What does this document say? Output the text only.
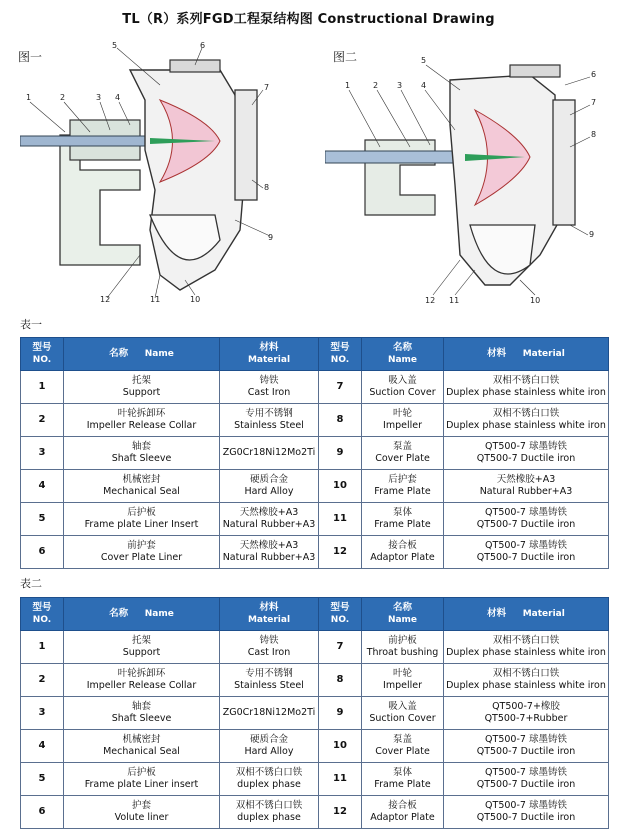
TL（R）系列FGD工程泵结构图 Constructional Drawing
图一
1	2	3 4
5	6
7
8
9
10
11
12
图二
1	2 3 4
5
6
7
8
9
10
11
12
表一
型号
NO.	名称 Name	材料
Material	型号
NO.	名称
Name	材料 Material

1	托架
Support	铸铁
Cast Iron	7	吸入盖
Suction Cover	双相不锈白口铁
Duplex phase stainless white iron

2	叶轮拆卸环
Impeller Release Collar	专用不锈钢
Stainless Steel	8	叶轮
Impeller	双相不锈白口铁
Duplex phase stainless white iron

3	轴套
Shaft Sleeve	ZG0Cr18Ni12Mo2Ti	9	泵盖
Cover Plate	QT500-7 球墨铸铁
QT500-7 Ductile iron

4	机械密封
Mechanical Seal	硬质合金
Hard Alloy	10	后护套
Frame Plate	天然橡胶+A3
Natural Rubber+A3

5	后护板
Frame plate Liner Insert	天然橡胶+A3
Natural Rubber+A3	11	泵体
Frame Plate	QT500-7 球墨铸铁
QT500-7 Ductile iron

6	前护套
Cover Plate Liner	天然橡胶+A3
Natural Rubber+A3	12	接合板
Adaptor Plate	QT500-7 球墨铸铁
QT500-7 Ductile iron
表二
型号
NO.	名称 Name	材料
Material	型号
NO.	名称
Name	材料 Material

1	托架
Support	铸铁
Cast Iron	7	前护板
Throat bushing	双相不锈白口铁
Duplex phase stainless white iron

2	叶轮拆卸环
Impeller Release Collar	专用不锈钢
Stainless Steel	8	叶轮
Impeller	双相不锈白口铁
Duplex phase stainless white iron

3	轴套
Shaft Sleeve	ZG0Cr18Ni12Mo2Ti	9	吸入盖
Suction Cover	QT500-7+橡胶
QT500-7+Rubber

4	机械密封
Mechanical Seal	硬质合金
Hard Alloy	10	泵盖
Cover Plate	QT500-7 球墨铸铁
QT500-7 Ductile iron

5	后护板
Frame plate Liner insert	双相不锈白口铁
duplex phase	11	泵体
Frame Plate	QT500-7 球墨铸铁
QT500-7 Ductile iron

6	护套
Volute liner	双相不锈白口铁
duplex phase	12	接合板
Adaptor Plate	QT500-7 球墨铸铁
QT500-7 Ductile iron
